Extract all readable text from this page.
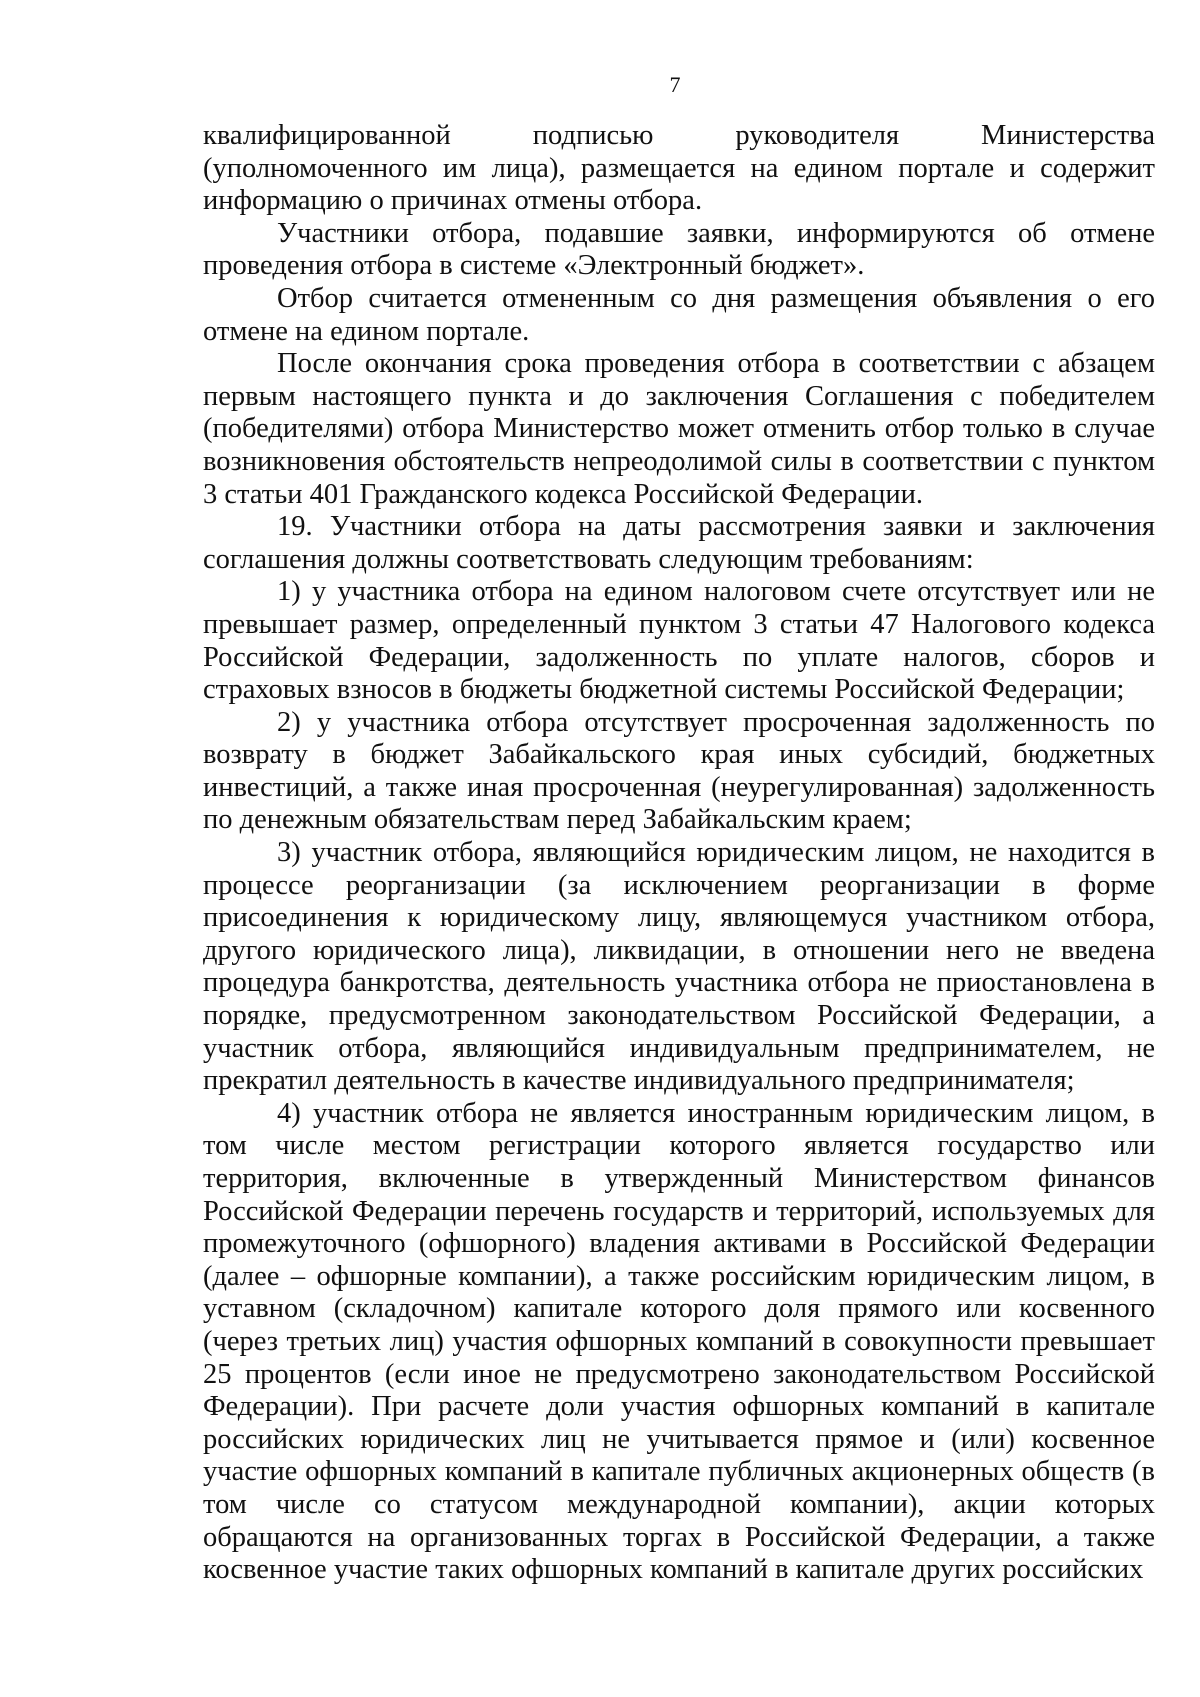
7

квалифицированной подписью руководителя Министерства (уполномоченного им лица), размещается на едином портале и содержит информацию о причинах отмены отбора.

Участники отбора, подавшие заявки, информируются об отмене проведения отбора в системе «Электронный бюджет».

Отбор считается отмененным со дня размещения объявления о его отмене на едином портале.

После окончания срока проведения отбора в соответствии с абзацем первым настоящего пункта и до заключения Соглашения с победителем (победителями) отбора Министерство может отменить отбор только в случае возникновения обстоятельств непреодолимой силы в соответствии с пунктом 3 статьи 401 Гражданского кодекса Российской Федерации.

19. Участники отбора на даты рассмотрения заявки и заключения соглашения должны соответствовать следующим требованиям:

1) у участника отбора на едином налоговом счете отсутствует или не превышает размер, определенный пунктом 3 статьи 47 Налогового кодекса Российской Федерации, задолженность по уплате налогов, сборов и страховых взносов в бюджеты бюджетной системы Российской Федерации;

2) у участника отбора отсутствует просроченная задолженность по возврату в бюджет Забайкальского края иных субсидий, бюджетных инвестиций, а также иная просроченная (неурегулированная) задолженность по денежным обязательствам перед Забайкальским краем;

3) участник отбора, являющийся юридическим лицом, не находится в процессе реорганизации (за исключением реорганизации в форме присоединения к юридическому лицу, являющемуся участником отбора, другого юридического лица), ликвидации, в отношении него не введена процедура банкротства, деятельность участника отбора не приостановлена в порядке, предусмотренном законодательством Российской Федерации, а участник отбора, являющийся индивидуальным предпринимателем, не прекратил деятельность в качестве индивидуального предпринимателя;

4) участник отбора не является иностранным юридическим лицом, в том числе местом регистрации которого является государство или территория, включенные в утвержденный Министерством финансов Российской Федерации перечень государств и территорий, используемых для промежуточного (офшорного) владения активами в Российской Федерации (далее – офшорные компании), а также российским юридическим лицом, в уставном (складочном) капитале которого доля прямого или косвенного (через третьих лиц) участия офшорных компаний в совокупности превышает 25 процентов (если иное не предусмотрено законодательством Российской Федерации). При расчете доли участия офшорных компаний в капитале российских юридических лиц не учитывается прямое и (или) косвенное участие офшорных компаний в капитале публичных акционерных обществ (в том числе со статусом международной компании), акции которых обращаются на организованных торгах в Российской Федерации, а также косвенное участие таких офшорных компаний в капитале других российских
